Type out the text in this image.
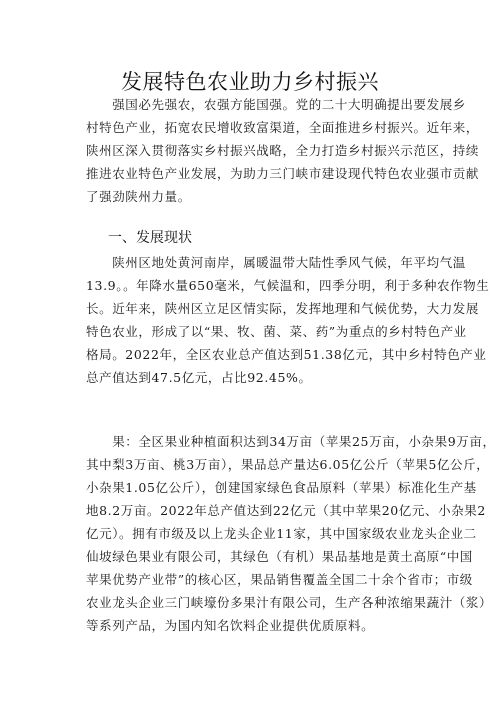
发展特色农业助力乡村振兴
　　强国必先强农，农强方能国强。党的二十大明确提出要发展乡
村特色产业，拓宽农民增收致富渠道，全面推进乡村振兴。近年来，
陕州区深入贯彻落实乡村振兴战略，全力打造乡村振兴示范区，持续
推进农业特色产业发展，为助力三门峡市建设现代特色农业强市贡献
了强劲陕州力量。
一、发展现状
　　陕州区地处黄河南岸，属暖温带大陆性季风气候，年平均气温
13.9。。年降水量650毫米，气候温和，四季分明，利于多种农作物生
长。近年来，陕州区立足区情实际，发挥地理和气候优势，大力发展
特色农业，形成了以“果、牧、菌、菜、药”为重点的乡村特色产业
格局。2022年，全区农业总产值达到51.38亿元，其中乡村特色产业
总产值达到47.5亿元，占比92.45%。
　　果：全区果业种植面积达到34万亩（苹果25万亩，小杂果9万亩，
其中梨3万亩、桃3万亩），果品总产量达6.05亿公斤（苹果5亿公斤，
小杂果1.05亿公斤），创建国家绿色食品原料（苹果）标准化生产基
地8.2万亩。2022年总产值达到22亿元（其中苹果20亿元、小杂果2
亿元）。拥有市级及以上龙头企业11家，其中国家级农业龙头企业二
仙坡绿色果业有限公司，其绿色（有机）果品基地是黄土高原“中国
苹果优势产业带”的核心区，果品销售覆盖全国二十余个省市；市级
农业龙头企业三门峡壕份多果汁有限公司，生产各种浓缩果蔬汁（浆）
等系列产品，为国内知名饮料企业提供优质原料。
